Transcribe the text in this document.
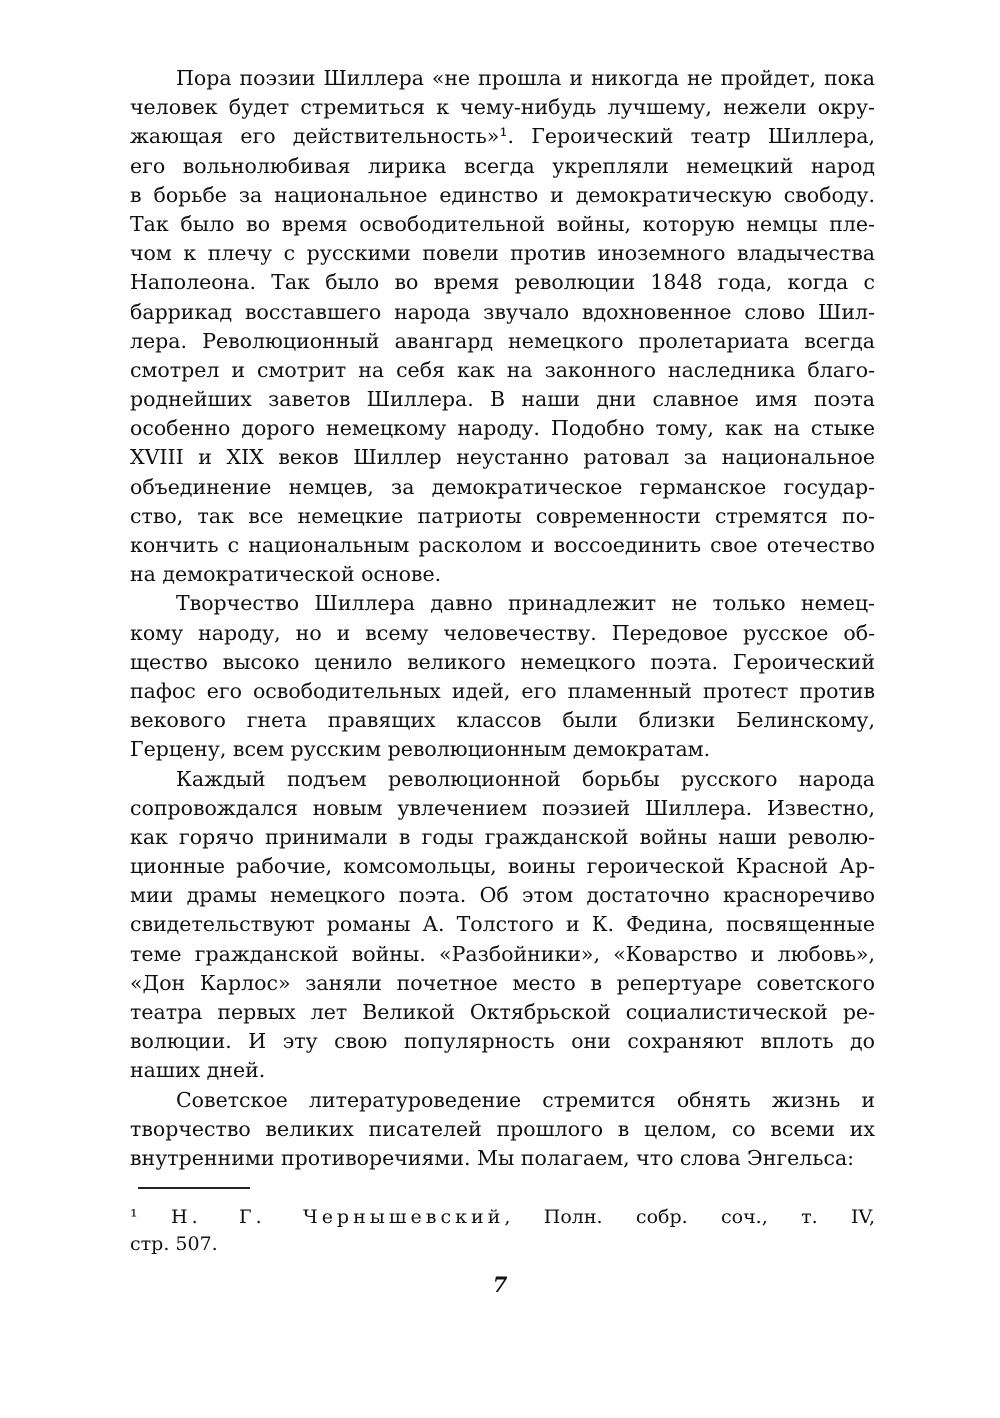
Пора поэзии Шиллера «не прошла и никогда не пройдет, пока
человек будет стремиться к чему-нибудь лучшему, нежели окру-
жающая его действительность»¹. Героический театр Шиллера,
его вольнолюбивая лирика всегда укрепляли немецкий народ
в борьбе за национальное единство и демократическую свободу.
Так было во время освободительной войны, которую немцы пле-
чом к плечу с русскими повели против иноземного владычества
Наполеона. Так было во время революции 1848 года, когда с
баррикад восставшего народа звучало вдохновенное слово Шил-
лера. Революционный авангард немецкого пролетариата всегда
смотрел и смотрит на себя как на законного наследника благо-
роднейших заветов Шиллера. В наши дни славное имя поэта
особенно дорого немецкому народу. Подобно тому, как на стыке
XVIII и XIX веков Шиллер неустанно ратовал за национальное
объединение немцев, за демократическое германское государ-
ство, так все немецкие патриоты современности стремятся по-
кончить с национальным расколом и воссоединить свое отечество
на демократической основе.
Творчество Шиллера давно принадлежит не только немец-
кому народу, но и всему человечеству. Передовое русское об-
щество высоко ценило великого немецкого поэта. Героический
пафос его освободительных идей, его пламенный протест против
векового гнета правящих классов были близки Белинскому,
Герцену, всем русским революционным демократам.
Каждый подъем революционной борьбы русского народа
сопровождался новым увлечением поэзией Шиллера. Известно,
как горячо принимали в годы гражданской войны наши револю-
ционные рабочие, комсомольцы, воины героической Красной Ар-
мии драмы немецкого поэта. Об этом достаточно красноречиво
свидетельствуют романы А. Толстого и К. Федина, посвященные
теме гражданской войны. «Разбойники», «Коварство и любовь»,
«Дон Карлос» заняли почетное место в репертуаре советского
театра первых лет Великой Октябрьской социалистической ре-
волюции. И эту свою популярность они сохраняют вплоть до
наших дней.
Советское литературоведение стремится обнять жизнь и
творчество великих писателей прошлого в целом, со всеми их
внутренними противоречиями. Мы полагаем, что слова Энгельса:
¹ Н. Г. Чернышевский, Полн. собр. соч., т. IV,
стр. 507.
7
